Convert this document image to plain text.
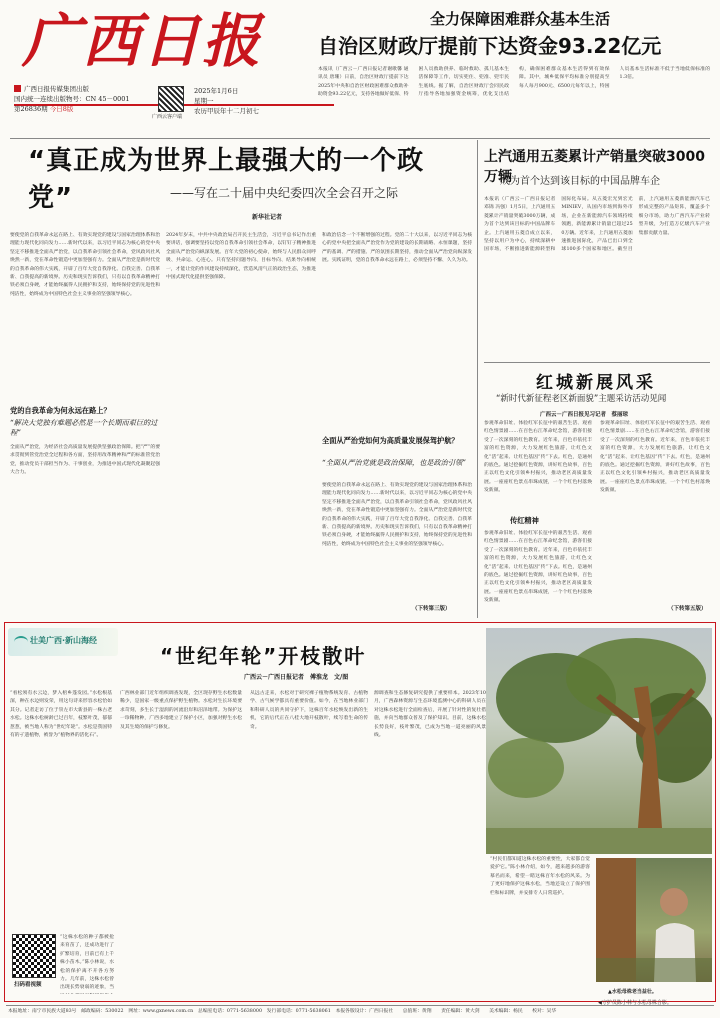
广西日报	全力保障困难群众基本生活
自治区财政厅提前下达资金93.22亿元
广西日报传媒集团出版
国内统一连续出版物号：CN 45－0001
第26836期 今日8版
广西云客户端
2025年1月6日
星期一
农历甲辰年十二月初七
本报讯（广西云－广西日报记者谢歌馨 通讯员 唐珊）日前，自治区财政厅提前下达2025年中央和自治区财政困难群众救助补助资金93.22亿元，支持各地做好低保、特困人员救助供养、临时救助、孤儿基本生活保障等工作，切实兜住、兜准、兜牢民生底线。据了解，自治区财政厅会同民政厅指导各地加强资金统筹，优化支出结构，确保困难群众基本生活得到有效保障。其中，城乡低保平均标准分别提高至每人每月900元、6500元每年以上，特困人员基本生活标准不低于当地低保标准的1.3倍。
“真正成为世界上最强大的一个政党”	——写在二十届中央纪委四次全会召开之际
新华社记者
要使党的自我革命永远在路上、有效实现党的建设与国家治理体系和治理能力现代化同向发力……新时代以来，以习近平同志为核心的党中央坚定不移推进全面从严治党，以自我革命引领社会革命，党风政风社风焕然一新，党在革命性锻造中更加坚强有力。全面从严治党是新时代党的自我革命的伟大实践，开辟了百年大党自我净化、自我完善、自我革新、自我提高的新境界。历史和现实告诉我们，只有以自我革命精神打铁必须自身硬，才能始终赢得人民拥护和支持，始终保持党的先进性和纯洁性，始终成为中国特色社会主义事业的坚强领导核心。
党的自我革命为何永远在路上？
“解决大党独有难题必然是一个长期而艰巨的过程”
全面从严治党，为经济社会高质量发展提供坚强政治保障。把“严”的要求贯彻到管党治党全过程和各方面，坚持用改革精神和严的标准管党治党，推动党员干部担当作为、干事创业，为推进中国式现代化凝聚起强大合力。
2024年岁末，中共中央政治局召开民主生活会，习近平总书记作出重要讲话，强调要坚持以党的自我革命引领社会革命，以钉钉子精神推进全面从严治党向纵深发展。百年大党的初心使命，始终与人民群众同呼吸、共命运、心连心。只有坚持问题导向、目标导向、结果导向相统一，才能让党的作风建设持续深化，营造风清气正的政治生态，为推进中国式现代化提供坚强保障。
和政治信念一个不断增强的过程。党的二十大以来，以习近平同志为核心的党中央把全面从严治党作为党的建设的长期战略、永恒课题，坚持严的基调、严的措施、严的氛围长期坚持，推动全面从严治党向纵深发展。实践证明，党的自我革命永远在路上，必须坚持不懈、久久为功。
全面从严治党如何为高质量发展保驾护航？
“全面从严治党就是政治保障，也是政治引领”
要使党的自我革命永远在路上、有效实现党的建设与国家治理体系和治理能力现代化同向发力……新时代以来，以习近平同志为核心的党中央坚定不移推进全面从严治党，以自我革命引领社会革命，党风政风社风焕然一新，党在革命性锻造中更加坚强有力。全面从严治党是新时代党的自我革命的伟大实践，开辟了百年大党自我净化、自我完善、自我革新、自我提高的新境界。历史和现实告诉我们，只有以自我革命精神打铁必须自身硬，才能始终赢得人民拥护和支持，始终保持党的先进性和纯洁性，始终成为中国特色社会主义事业的坚强领导核心。
（下转第三版）
上汽通用五菱累计产销量突破3000万辆
成为首个达到该目标的中国品牌车企
本报讯（广西云－广西日报记者邓锦 冯强）1月5日，上汽通用五菱累计产销量突破3000万辆，成为首个达到该目标的中国品牌车企。上汽通用五菱自成立以来，坚持以用户为中心，持续深耕中国市场，不断推进新能源转型和国际化布局。从五菱宏光到宏光MINIEV，从国内市场到海外市场，企业在新能源汽车领域持续领跑，新能源累计销量已超过250万辆。近年来，上汽通用五菱加速推进国际化，产品已出口到全球100多个国家和地区。截至目前，上汽通用五菱新能源汽车已形成完整的产品矩阵，覆盖多个细分市场，助力广西汽车产业转型升级，为打造万亿级汽车产业集群贡献力量。
红城新展风采
“新时代新征程老区新面貌”主题采访活动见闻
广西云－广西日报见习记者　蔡丽琼
参观革命旧址、体验红军长征中的艰苦生活、观看红色情景剧……在百色右江革命纪念馆，游客们接受了一次深刻的红色教育。近年来，百色市依托丰富的红色资源，大力发展红色旅游，让红色文化“活”起来、让红色基因“传”下去。红色，是通州的底色。通过挖掘红色资源，讲好红色故事，百色正以红色文化引领乡村振兴，推动老区高质量发展。一座座红色景点串珠成链，一个个红色村落焕发新颜。
传红精神
参观革命旧址、体验红军长征中的艰苦生活、观看红色情景剧……在百色右江革命纪念馆，游客们接受了一次深刻的红色教育。近年来，百色市依托丰富的红色资源，大力发展红色旅游，让红色文化“活”起来、让红色基因“传”下去。红色，是通州的底色。通过挖掘红色资源，讲好红色故事，百色正以红色文化引领乡村振兴，推动老区高质量发展。一座座红色景点串珠成链，一个个红色村落焕发新颜。
参观革命旧址、体验红军长征中的艰苦生活、观看红色情景剧……在百色右江革命纪念馆，游客们接受了一次深刻的红色教育。近年来，百色市依托丰富的红色资源，大力发展红色旅游，让红色文化“活”起来、让红色基因“传”下去。红色，是通州的底色。通过挖掘红色资源，讲好红色故事，百色正以红色文化引领乡村振兴，推动老区高质量发展。一座座红色景点串珠成链，一个个红色村落焕发新颜。
（下转第五版）
壮美广西·新山海经
“世纪年轮”开枝散叶
广西云－广西日报记者　傅淮龙　文/图
“看松须有水云边，梦入梧乡蓬发园。”水松根基深，种在水边则发荣，用这句诗来形容水松恰如其分。记者走访了位于崇左市大新县的一株古老水松。这株水松树龄已过百年，枝繁叶茂，郁郁葱葱，被当地人称为“世纪年轮”。水松是我国特有的孑遗植物，被誉为“植物界的活化石”。
扫码看视频
“这株水松的种子都被抢来育苗了，还成功进行了扩繁培育，目前已有上千株小苗木。”陈小林说，水松的保护离不开各方努力。几年前，这株水松曾出现长势衰弱的迹象，当
广西林业部门近年组织调查发现，全区现存野生水松数量稀少，是国家一级重点保护野生植物。水松对生长环境要求苛刻，多生长于湿润的河流沿岸和沼泽地带。为保护这一珍稀物种，广西多地建立了保护小区，加强对野生水松及其生境的保护与修复。
从远古走来，水松对于研究裸子植物系统发育、古植物学、古气候学都具有重要价值。如今，在当地林业部门和科研人员的共同守护下，这株百年水松焕发出新的生机，它的后代正在八桂大地开枝散叶，续写着生命的传奇。
源调查和生态修复研究提供了重要样本。2023年10月，广西森林资源与生态环境监测中心的科研人员在对这株水松进行全面检查后，开展了针对性的复壮措施，并向当地群众普及了保护知识。目前，这株水松长势良好，枝叶繁茂，已成为当地一道亮丽的风景线。
“村民们都知道这株水松的重要性，大家都自觉爱护它。”陈小林介绍，如今，越来越多的游客慕名而来，希望一睹这株百年水松的风采。为了更好地保护这株水松，当地还设立了保护围栏和标识牌，并安排专人日常巡护。
▲水松母株老当益壮。
◀守护员陈小林与水松母株合影。
本报地址：南宁市民族大道83号　邮政编码：530022　网址：www.gxnews.com.cn　总编室电话：0771-5638000　发行部电话：0771-5638061　本报各版设计：广西日报社　　总值班：黄翔　　责任编辑：黄大剑　　美术编辑：杨民　　校对：吴华
